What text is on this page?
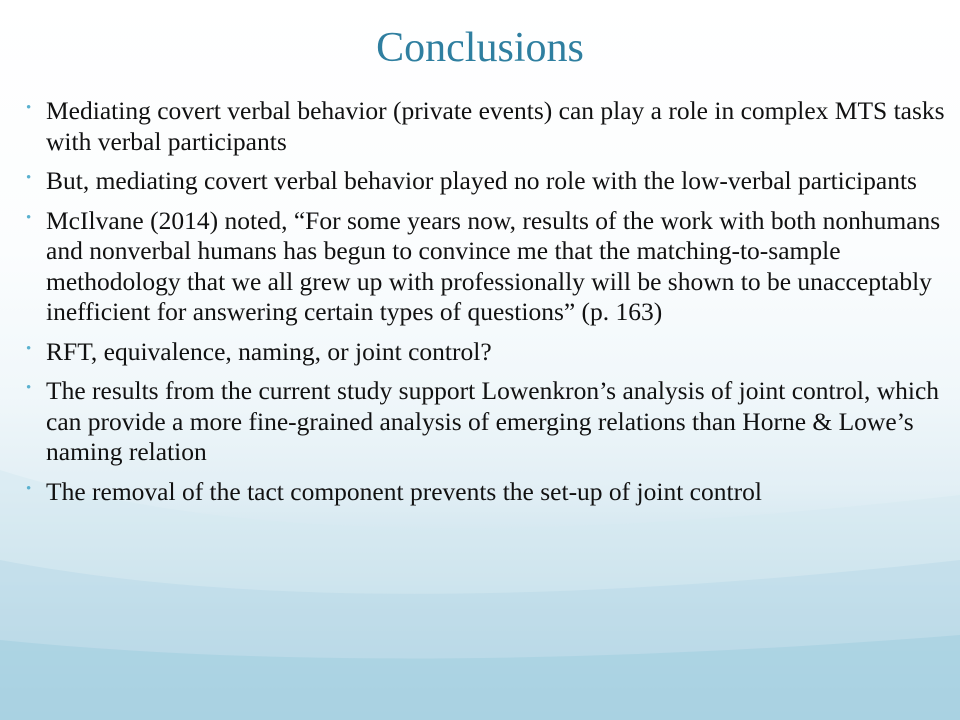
Conclusions
• Mediating covert verbal behavior (private events) can play a role in complex MTS tasks with verbal participants
• But, mediating covert verbal behavior played no role with the low-verbal participants
• McIlvane (2014) noted, “For some years now, results of the work with both nonhumans and nonverbal humans has begun to convince me that the matching-to-sample methodology that we all grew up with professionally will be shown to be unacceptably inefficient for answering certain types of questions” (p. 163)
• RFT, equivalence, naming, or joint control?
• The results from the current study support Lowenkron’s analysis of joint control, which can provide a more fine-grained analysis of emerging relations than Horne & Lowe’s naming relation
• The removal of the tact component prevents the set-up of joint control
